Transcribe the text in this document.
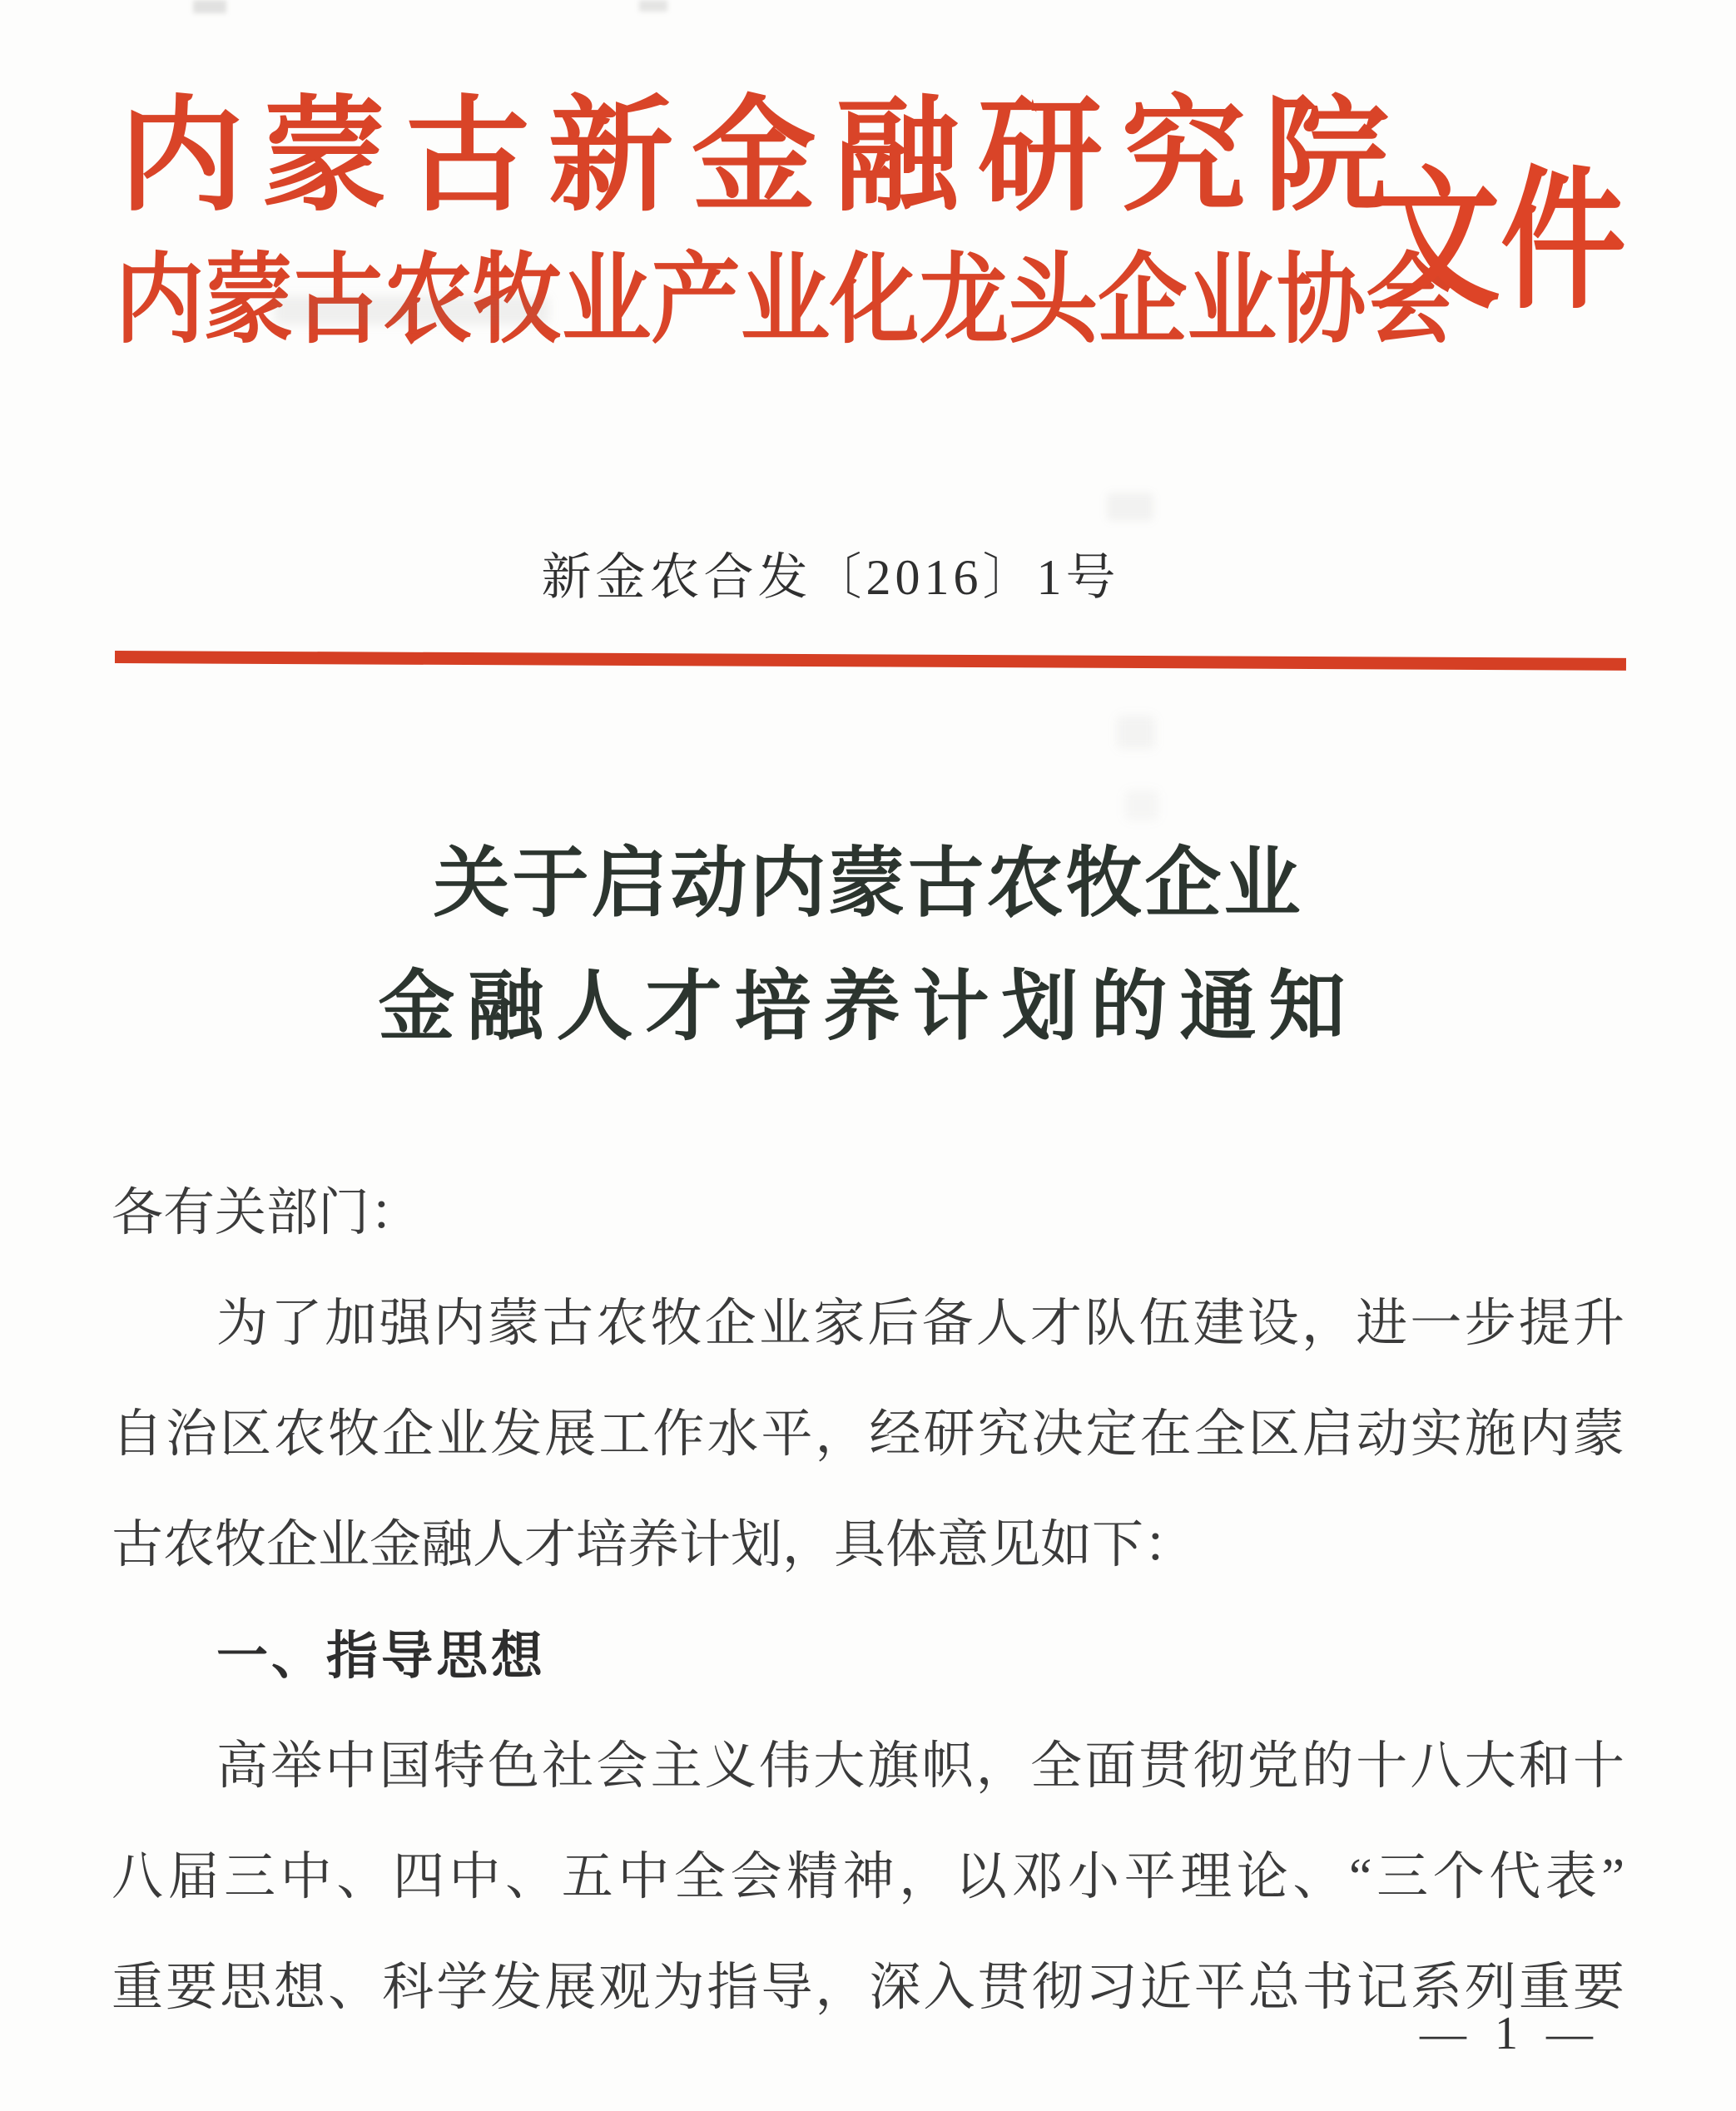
内蒙古新金融研究院
内蒙古农牧业产业化龙头企业协会
文件
新金农合发〔2016〕1号
关于启动内蒙古农牧企业
金融人才培养计划的通知
各有关部门：
为了加强内蒙古农牧企业家后备人才队伍建设，进一步提升
自治区农牧企业发展工作水平，经研究决定在全区启动实施内蒙
古农牧企业金融人才培养计划，具体意见如下：
一、指导思想
高举中国特色社会主义伟大旗帜，全面贯彻党的十八大和十
八届三中、四中、五中全会精神，以邓小平理论、“三个代表”
重要思想、科学发展观为指导，深入贯彻习近平总书记系列重要
— 1 —
